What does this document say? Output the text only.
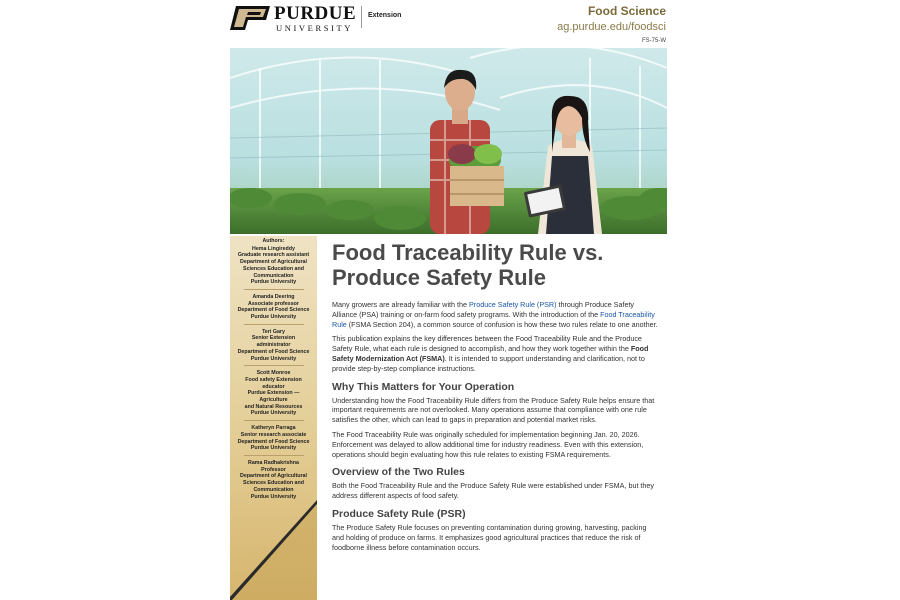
PURDUE
UNIVERSITY
Extension	Food Science
ag.purdue.edu/foodsci
FS-75-W
Authors:
Hema Lingireddy
Graduate research assistant
Department of Agricultural
Sciences Education and
Communication
Purdue University
Amanda Deering
Associate professor
Department of Food Science
Purdue University
Teri Gary
Senior Extension
administrator
Department of Food Science
Purdue University
Scott Monroe
Food safety Extension
educator
Purdue Extension —
Agriculture
and Natural Resources
Purdue University
Katheryn Parraga
Senior research associate
Department of Food Science
Purdue University
Rama Radhakrishna
Professor
Department of Agricultural
Sciences Education and
Communication
Purdue University
Food Traceability Rule vs.
Produce Safety Rule

Many growers are already familiar with the Produce Safety Rule (PSR) through Produce Safety Alliance (PSA) training or on-farm food safety programs. With the introduction of the Food Traceability Rule (FSMA Section 204), a common source of confusion is how these two rules relate to one another.

This publication explains the key differences between the Food Traceability Rule and the Produce Safety Rule, what each rule is designed to accomplish, and how they work together within the Food Safety Modernization Act (FSMA). It is intended to support understanding and clarification, not to provide step-by-step compliance instructions.

Why This Matters for Your Operation

Understanding how the Food Traceability Rule differs from the Produce Safety Rule helps ensure that important requirements are not overlooked. Many operations assume that compliance with one rule satisfies the other, which can lead to gaps in preparation and potential market risks.

The Food Traceability Rule was originally scheduled for implementation beginning Jan. 20, 2026. Enforcement was delayed to allow additional time for industry readiness. Even with this extension, operations should begin evaluating how this rule relates to existing FSMA requirements.

Overview of the Two Rules

Both the Food Traceability Rule and the Produce Safety Rule were established under FSMA, but they address different aspects of food safety.

Produce Safety Rule (PSR)

The Produce Safety Rule focuses on preventing contamination during growing, harvesting, packing and holding of produce on farms. It emphasizes good agricultural practices that reduce the risk of foodborne illness before contamination occurs.
